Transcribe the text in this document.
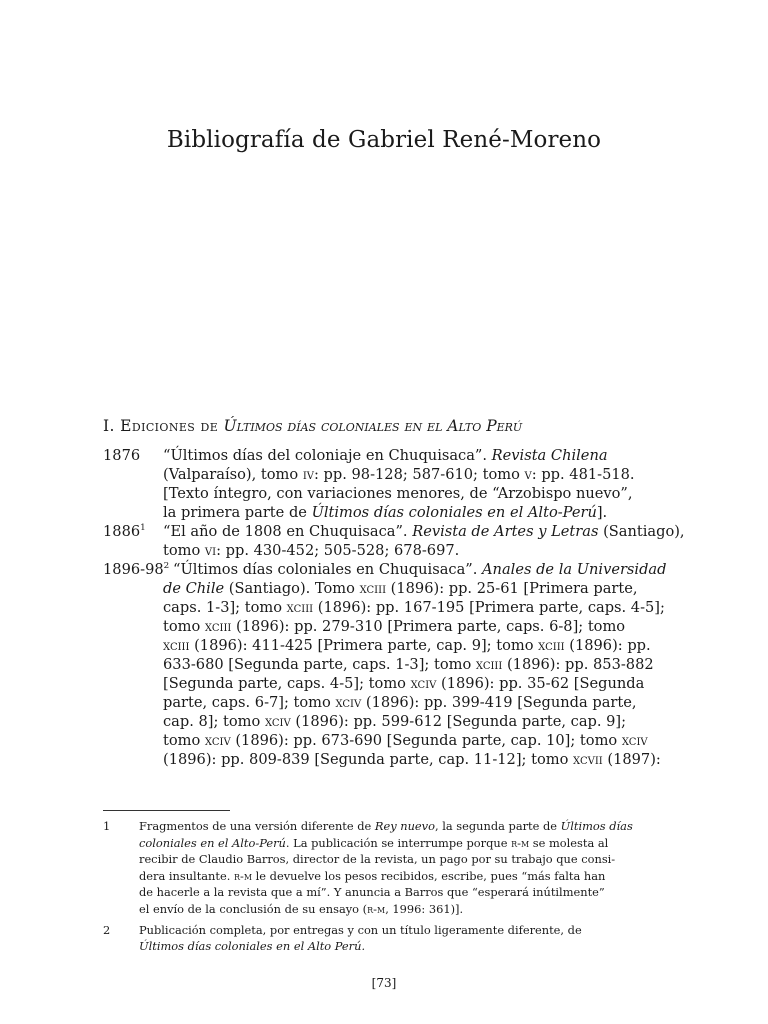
Bibliografía de Gabriel René-Moreno
I. Ediciones de Últimos días coloniales en el Alto Perú
1876 “Últimos días del coloniaje en Chuquisaca”. Revista Chilena
(Valparaíso), tomo iv: pp. 98-128; 587-610; tomo v: pp. 481-518.
[Texto íntegro, con variaciones menores, de “Arzobispo nuevo”,
la primera parte de Últimos días coloniales en el Alto-Perú].
1886$^1$ “El año de 1808 en Chuquisaca”. Revista de Artes y Letras (Santiago),
tomo vi: pp. 430-452; 505-528; 678-697.
$1896-98^2$ “Últimos días coloniales en Chuquisaca”. Anales de la Universidad
de Chile (Santiago). Tomo xciii (1896): pp. 25-61 [Primera parte,
caps. 1-3]; tomo xciii (1896): pp. 167-195 [Primera parte, caps. 4-5];
tomo xciii (1896): pp. 279-310 [Primera parte, caps. 6-8]; tomo
xciii (1896): 411-425 [Primera parte, cap. 9]; tomo xciii (1896): pp.
633-680 [Segunda parte, caps. 1-3]; tomo xciii (1896): pp. 853-882
[Segunda parte, caps. 4-5]; tomo xciv (1896): pp. 35-62 [Segunda
parte, caps. 6-7]; tomo xciv (1896): pp. 399-419 [Segunda parte,
cap. 8]; tomo xciv (1896): pp. 599-612 [Segunda parte, cap. 9];
tomo xciv (1896): pp. 673-690 [Segunda parte, cap. 10]; tomo xciv
(1896): pp. 809-839 [Segunda parte, cap. 11-12]; tomo xcvii (1897):
1	Fragmentos de una versión diferente de Rey nuevo, la segunda parte de Últimos días
coloniales en el Alto-Perú. La publicación se interrumpe porque r-m se molesta al
recibir de Claudio Barros, director de la revista, un pago por su trabajo que consi-
dera insultante. r-m le devuelve los pesos recibidos, escribe, pues “más falta han
de hacerle a la revista que a mí”. Y anuncia a Barros que “esperará inútilmente”
el envío de la conclusión de su ensayo (r-m, 1996: 361)].
2	Publicación completa, por entregas y con un título ligeramente diferente, de
Últimos días coloniales en el Alto Perú.
[73]
